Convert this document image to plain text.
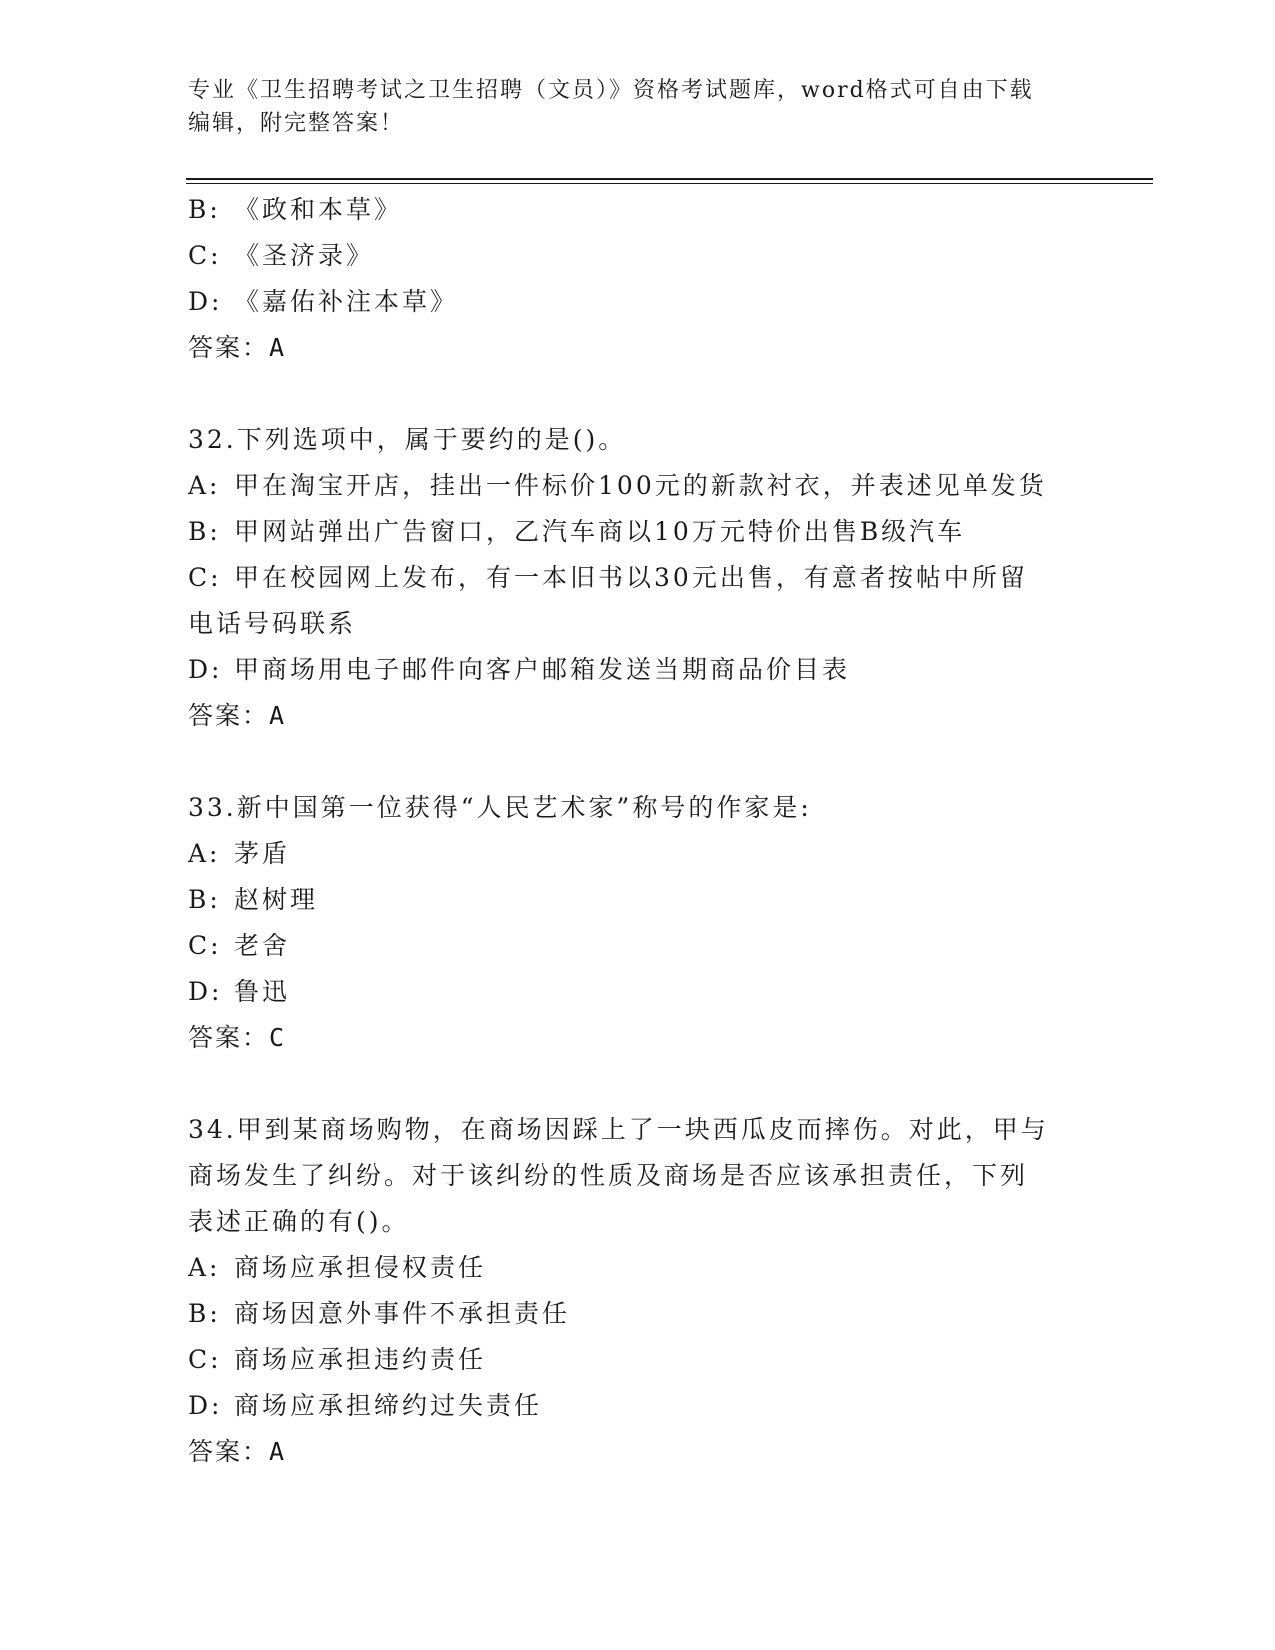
专业《卫生招聘考试之卫生招聘（文员）》资格考试题库，word格式可自由下载
编辑，附完整答案！
B: 《政和本草》
C: 《圣济录》
D: 《嘉佑补注本草》
答案：A
32.下列选项中，属于要约的是()。
A: 甲在淘宝开店，挂出一件标价100元的新款衬衣，并表述见单发货
B: 甲网站弹出广告窗口，乙汽车商以10万元特价出售B级汽车
C: 甲在校园网上发布，有一本旧书以30元出售，有意者按帖中所留
电话号码联系
D: 甲商场用电子邮件向客户邮箱发送当期商品价目表
答案：A
33.新中国第一位获得“人民艺术家”称号的作家是:
A: 茅盾
B: 赵树理
C: 老舍
D: 鲁迅
答案：C
34.甲到某商场购物，在商场因踩上了一块西瓜皮而摔伤。对此，甲与
商场发生了纠纷。对于该纠纷的性质及商场是否应该承担责任，下列
表述正确的有()。
A: 商场应承担侵权责任
B: 商场因意外事件不承担责任
C: 商场应承担违约责任
D: 商场应承担缔约过失责任
答案：A
